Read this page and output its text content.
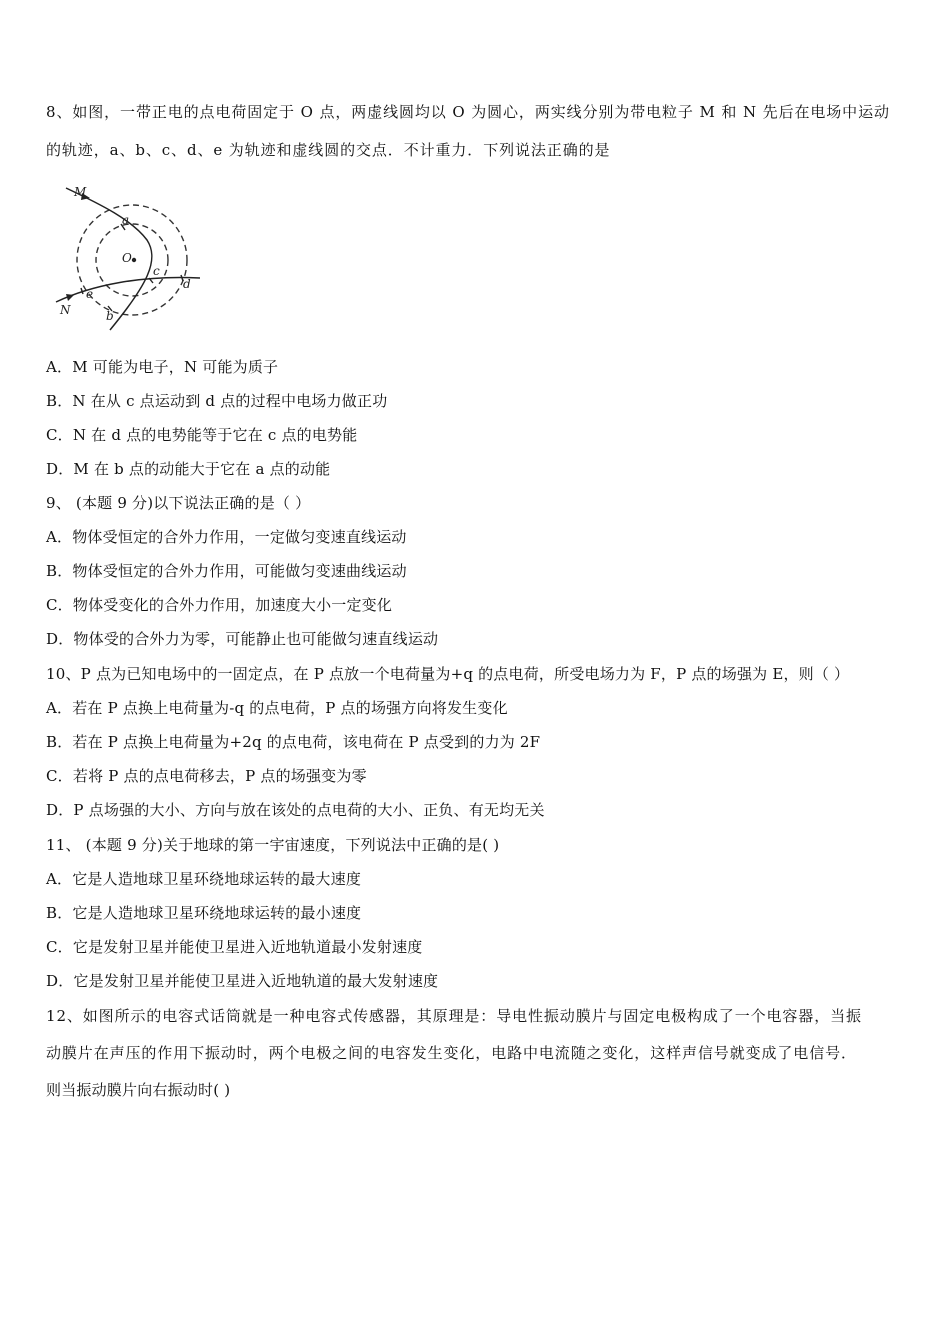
8、如图，一带正电的点电荷固定于 O 点，两虚线圆均以 O 为圆心，两实线分别为带电粒子 M 和 N 先后在电场中运动
的轨迹，a、b、c、d、e 为轨迹和虚线圆的交点．不计重力．下列说法正确的是
M
N
O
a
b
c
d
e
A．M 可能为电子，N 可能为质子
B．N 在从 c 点运动到 d 点的过程中电场力做正功
C．N 在 d 点的电势能等于它在 c 点的电势能
D．M 在 b 点的动能大于它在 a 点的动能
9、 (本题 9 分)以下说法正确的是（ ）
A．物体受恒定的合外力作用，一定做匀变速直线运动
B．物体受恒定的合外力作用，可能做匀变速曲线运动
C．物体受变化的合外力作用，加速度大小一定变化
D．物体受的合外力为零，可能静止也可能做匀速直线运动
10、P 点为已知电场中的一固定点，在 P 点放一个电荷量为+q 的点电荷，所受电场力为 F，P 点的场强为 E，则（ ）
A．若在 P 点换上电荷量为-q 的点电荷，P 点的场强方向将发生变化
B．若在 P 点换上电荷量为+2q 的点电荷，该电荷在 P 点受到的力为 2F
C．若将 P 点的点电荷移去，P 点的场强变为零
D．P 点场强的大小、方向与放在该处的点电荷的大小、正负、有无均无关
11、 (本题 9 分)关于地球的第一宇宙速度，下列说法中正确的是( )
A．它是人造地球卫星环绕地球运转的最大速度
B．它是人造地球卫星环绕地球运转的最小速度
C．它是发射卫星并能使卫星进入近地轨道最小发射速度
D．它是发射卫星并能使卫星进入近地轨道的最大发射速度
12、如图所示的电容式话筒就是一种电容式传感器，其原理是：导电性振动膜片与固定电极构成了一个电容器，当振
动膜片在声压的作用下振动时，两个电极之间的电容发生变化，电路中电流随之变化，这样声信号就变成了电信号．
则当振动膜片向右振动时( )
